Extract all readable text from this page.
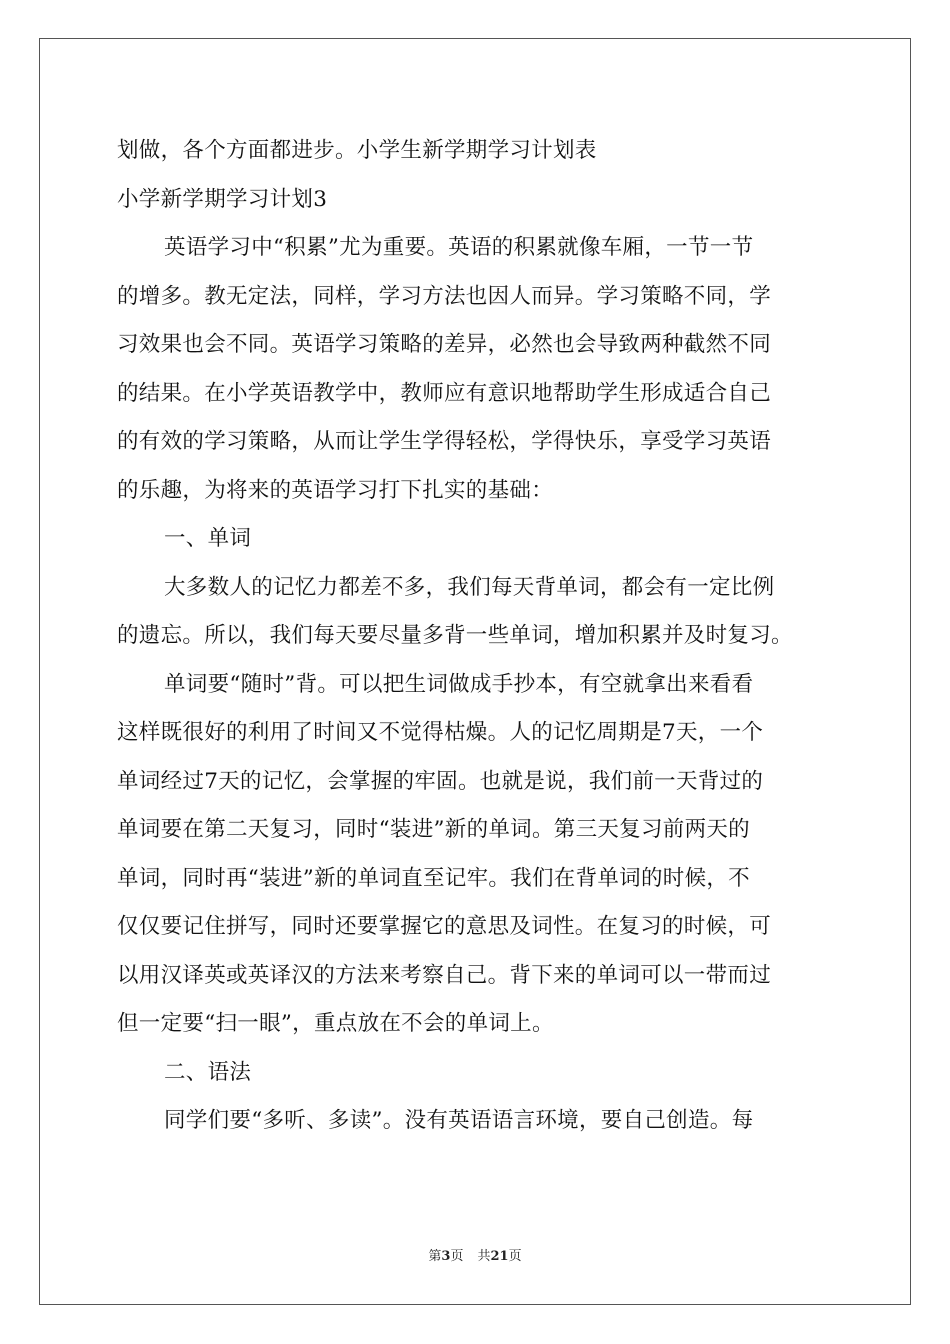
划做，各个方面都进步。小学生新学期学习计划表
小学新学期学习计划3
英语学习中“积累”尤为重要。英语的积累就像车厢，一节一节
的增多。教无定法，同样，学习方法也因人而异。学习策略不同，学
习效果也会不同。英语学习策略的差异，必然也会导致两种截然不同
的结果。在小学英语教学中，教师应有意识地帮助学生形成适合自己
的有效的学习策略，从而让学生学得轻松，学得快乐，享受学习英语
的乐趣，为将来的英语学习打下扎实的基础：
一、单词
大多数人的记忆力都差不多，我们每天背单词，都会有一定比例
的遗忘。所以，我们每天要尽量多背一些单词，增加积累并及时复习。
单词要“随时”背。可以把生词做成手抄本，有空就拿出来看看
这样既很好的利用了时间又不觉得枯燥。人的记忆周期是7天，一个
单词经过7天的记忆，会掌握的牢固。也就是说，我们前一天背过的
单词要在第二天复习，同时“装进”新的单词。第三天复习前两天的
单词，同时再“装进”新的单词直至记牢。我们在背单词的时候，不
仅仅要记住拼写，同时还要掌握它的意思及词性。在复习的时候，可
以用汉译英或英译汉的方法来考察自己。背下来的单词可以一带而过
但一定要“扫一眼”，重点放在不会的单词上。
二、语法
同学们要“多听、多读”。没有英语语言环境，要自己创造。每
第3页 共21页
